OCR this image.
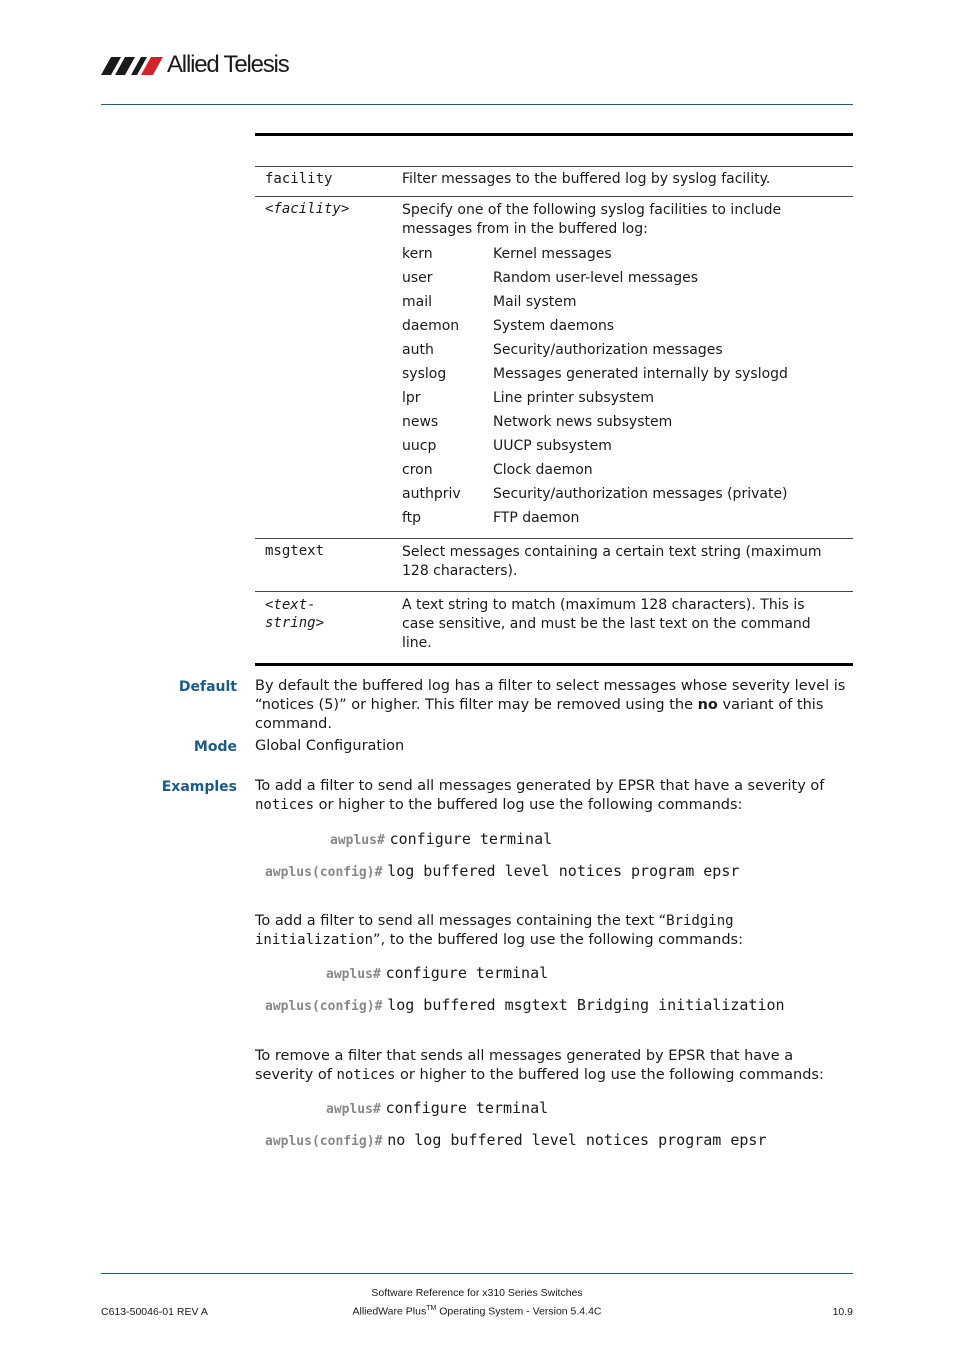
Allied Telesis

facility	Filter messages to the buffered log by syslog facility.
<facility>	Specify one of the following syslog facilities to include messages from in the buffered log:
kern	Kernel messages
user	Random user-level messages
mail	Mail system
daemon	System daemons
auth	Security/authorization messages
syslog	Messages generated internally by syslogd
lpr	Line printer subsystem
news	Network news subsystem
uucp	UUCP subsystem
cron	Clock daemon
authpriv	Security/authorization messages (private)
ftp	FTP daemon

msgtext	Select messages containing a certain text string (maximum 128 characters).

<text-
string>
	A text string to match (maximum 128 characters). This is case sensitive, and must be the last text on the command line.

Default By default the buffered log has a filter to select messages whose severity level is “notices (5)” or higher. This filter may be removed using the no variant of this command.
Mode Global Configuration
Examples To add a filter to send all messages generated by EPSR that have a severity of notices or higher to the buffered log use the following commands:
awplus# configure terminal
awplus(config)# log buffered level notices program epsr
To add a filter to send all messages containing the text “Bridging initialization”, to the buffered log use the following commands:
awplus# configure terminal
awplus(config)# log buffered msgtext Bridging initialization
To remove a filter that sends all messages generated by EPSR that have a severity of notices or higher to the buffered log use the following commands:
awplus# configure terminal
awplus(config)# no log buffered level notices program epsr
Software Reference for x310 Series Switches
AlliedWare Plus™ Operating System - Version 5.4.4C
C613-50046-01 REV A	10.9
